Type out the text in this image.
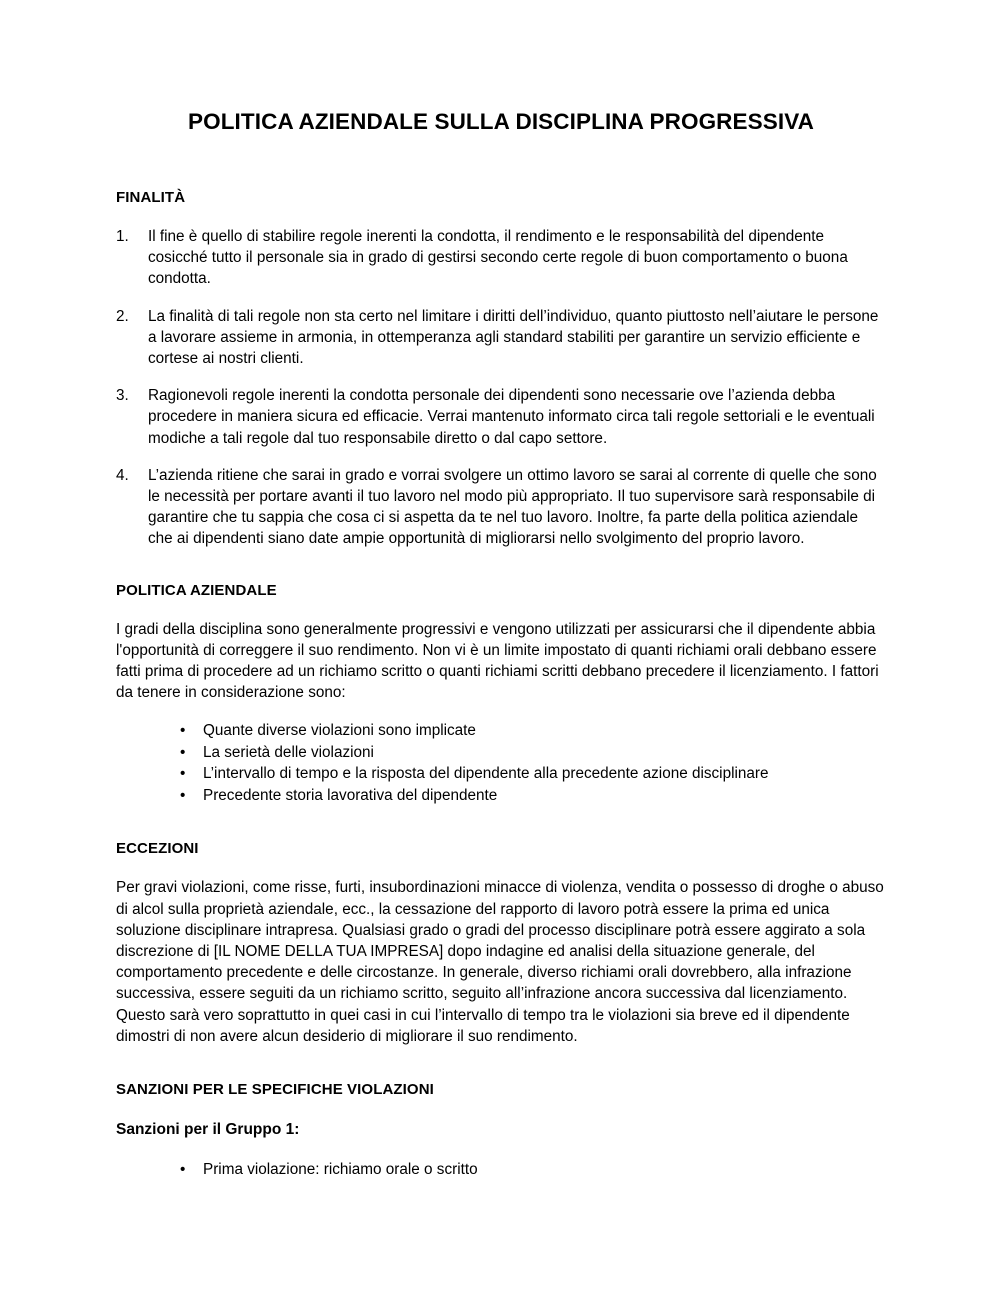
POLITICA AZIENDALE SULLA DISCIPLINA PROGRESSIVA
FINALITÀ
1.	Il fine è quello di stabilire regole inerenti la condotta, il rendimento e le responsabilità del dipendente cosicché tutto il personale sia in grado di gestirsi secondo certe regole di buon comportamento o buona condotta.
2.	La finalità di tali regole non sta certo nel limitare i diritti dell’individuo, quanto piuttosto nell’aiutare le persone a lavorare assieme in armonia, in ottemperanza agli standard stabiliti per garantire un servizio efficiente e cortese ai nostri clienti.
3.	Ragionevoli regole inerenti la condotta personale dei dipendenti sono necessarie ove l’azienda debba procedere in maniera sicura ed efficacie. Verrai mantenuto informato circa tali regole settoriali e le eventuali modiche a tali regole dal tuo responsabile diretto o dal capo settore.
4.	L’azienda ritiene che sarai in grado e vorrai svolgere un ottimo lavoro se sarai al corrente di quelle che sono le necessità per portare avanti il tuo lavoro nel modo più appropriato. Il tuo supervisore sarà responsabile di garantire che tu sappia che cosa ci si aspetta da te nel tuo lavoro. Inoltre, fa parte della politica aziendale che ai dipendenti siano date ampie opportunità di migliorarsi nello svolgimento del proprio lavoro.
POLITICA AZIENDALE

I gradi della disciplina sono generalmente progressivi e vengono utilizzati per assicurarsi che il dipendente abbia l'opportunità di correggere il suo rendimento. Non vi è un limite impostato di quanti richiami orali debbano essere fatti prima di procedere ad un richiamo scritto o quanti richiami scritti debbano precedere il licenziamento. I fattori da tenere in considerazione sono:

• Quante diverse violazioni sono implicate
• La serietà delle violazioni
• L’intervallo di tempo e la risposta del dipendente alla precedente azione disciplinare
• Precedente storia lavorativa del dipendente
ECCEZIONI

Per gravi violazioni, come risse, furti, insubordinazioni minacce di violenza, vendita o possesso di droghe o abuso di alcol sulla proprietà aziendale, ecc., la cessazione del rapporto di lavoro potrà essere la prima ed unica soluzione disciplinare intrapresa. Qualsiasi grado o gradi del processo disciplinare potrà essere aggirato a sola discrezione di [IL NOME DELLA TUA IMPRESA] dopo indagine ed analisi della situazione generale, del comportamento precedente e delle circostanze. In generale, diverso richiami orali dovrebbero, alla infrazione successiva, essere seguiti da un richiamo scritto, seguito all’infrazione ancora successiva dal licenziamento. Questo sarà vero soprattutto in quei casi in cui l’intervallo di tempo tra le violazioni sia breve ed il dipendente dimostri di non avere alcun desiderio di migliorare il suo rendimento.

SANZIONI PER LE SPECIFICHE VIOLAZIONI
Sanzioni per il Gruppo 1:
• Prima violazione: richiamo orale o scritto
